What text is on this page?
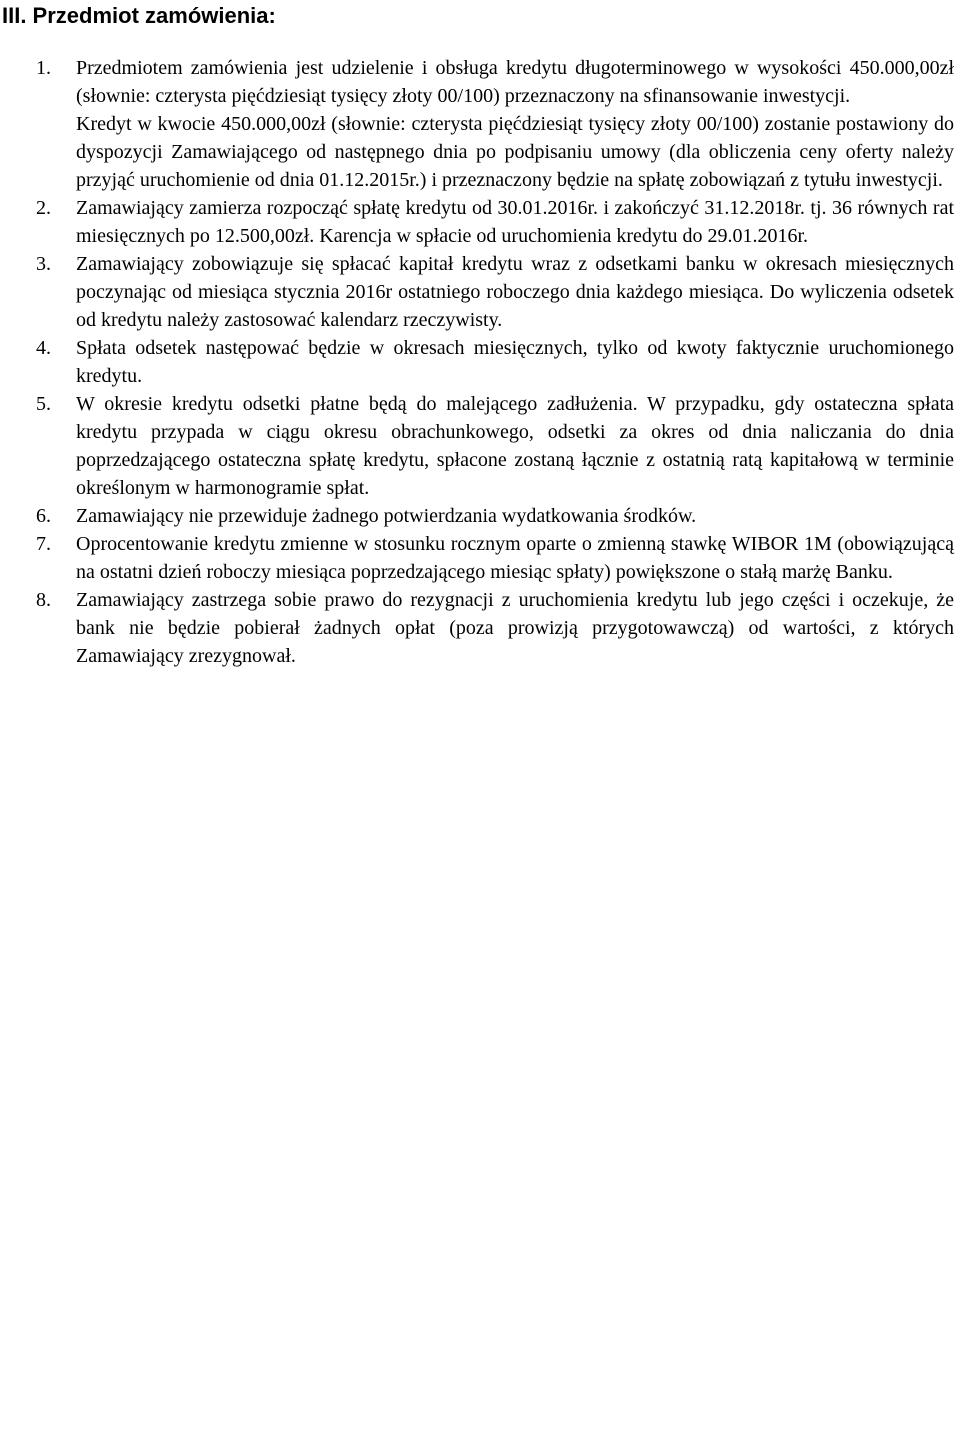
III. Przedmiot zamówienia:
1.	Przedmiotem zamówienia jest udzielenie i obsługa kredytu długoterminowego w wysokości 450.000,00zł (słownie: czterysta pięćdziesiąt tysięcy złoty 00/100) przeznaczony na sfinansowanie inwestycji.

Kredyt w kwocie 450.000,00zł (słownie: czterysta pięćdziesiąt tysięcy złoty 00/100) zostanie postawiony do dyspozycji Zamawiającego od następnego dnia po podpisaniu umowy (dla obliczenia ceny oferty należy przyjąć uruchomienie od dnia 01.12.2015r.) i przeznaczony będzie na spłatę zobowiązań z tytułu inwestycji.

2.	Zamawiający zamierza rozpocząć spłatę kredytu od 30.01.2016r. i zakończyć 31.12.2018r. tj. 36 równych rat miesięcznych po 12.500,00zł. Karencja w spłacie od uruchomienia kredytu do 29.01.2016r.

3.	Zamawiający zobowiązuje się spłacać kapitał kredytu wraz z odsetkami banku w okresach miesięcznych poczynając od miesiąca stycznia 2016r ostatniego roboczego dnia każdego miesiąca. Do wyliczenia odsetek od kredytu należy zastosować kalendarz rzeczywisty.

4.	Spłata odsetek następować będzie w okresach miesięcznych, tylko od kwoty faktycznie uruchomionego kredytu.

5.	W okresie kredytu odsetki płatne będą do malejącego zadłużenia. W przypadku, gdy ostateczna spłata kredytu przypada w ciągu okresu obrachunkowego, odsetki za okres od dnia naliczania do dnia poprzedzającego ostateczna spłatę kredytu, spłacone zostaną łącznie z ostatnią ratą kapitałową w terminie określonym w harmonogramie spłat.

6.	Zamawiający nie przewiduje żadnego potwierdzania wydatkowania środków.

7.	Oprocentowanie kredytu zmienne w stosunku rocznym oparte o zmienną stawkę WIBOR 1M (obowiązującą na ostatni dzień roboczy miesiąca poprzedzającego miesiąc spłaty) powiększone o stałą marżę Banku.

8.	Zamawiający zastrzega sobie prawo do rezygnacji z uruchomienia kredytu lub jego części i oczekuje, że bank nie będzie pobierał żadnych opłat (poza prowizją przygotowawczą) od wartości, z których Zamawiający zrezygnował.
